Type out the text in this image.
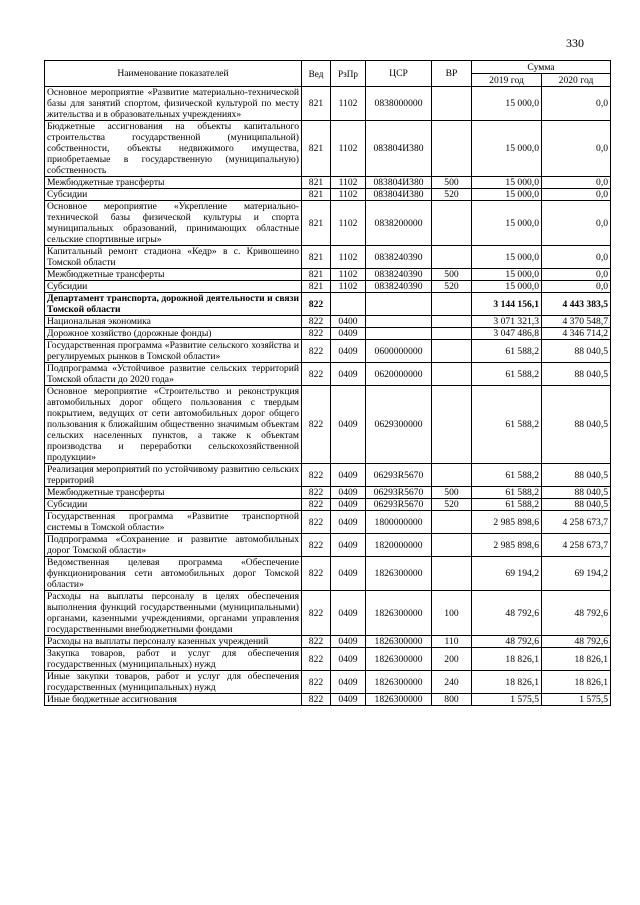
330
Наименование показателей	Вед	РзПр	ЦСР	ВР	Сумма	
					2019 год	2020 год
Основное мероприятие «Развитие материально-технической базы для занятий спортом, физической культурой по месту жительства и в образовательных учреждениях»	821	1102	0838000000		15 000,0	0,0
Бюджетные ассигнования на объекты капитального строительства государственной (муниципальной) собственности, объекты недвижимого имущества, приобретаемые в государственную (муниципальную) собственность	821	1102	083804И380		15 000,0	0,0
Межбюджетные трансферты	821	1102	083804И380	500	15 000,0	0,0
Субсидии	821	1102	083804И380	520	15 000,0	0,0
Основное мероприятие «Укрепление материально-технической базы физической культуры и спорта муниципальных образований, принимающих областные сельские спортивные игры»	821	1102	0838200000		15 000,0	0,0
Капитальный ремонт стадиона «Кедр» в с. Кривошеино Томской области	821	1102	0838240390		15 000,0	0,0
Межбюджетные трансферты	821	1102	0838240390	500	15 000,0	0,0
Субсидии	821	1102	0838240390	520	15 000,0	0,0
Департамент транспорта, дорожной деятельности и связи Томской области	822				3 144 156,1	4 443 383,5
Национальная экономика	822	0400			3 071 321,3	4 370 548,7
Дорожное хозяйство (дорожные фонды)	822	0409			3 047 486,8	4 346 714,2
Государственная программа «Развитие сельского хозяйства и регулируемых рынков в Томской области»	822	0409	0600000000		61 588,2	88 040,5
Подпрограмма «Устойчивое развитие сельских территорий Томской области до 2020 года»	822	0409	0620000000		61 588,2	88 040,5
Основное мероприятие «Строительство и реконструкция автомобильных дорог общего пользования с твердым покрытием, ведущих от сети автомобильных дорог общего пользования к ближайшим общественно значимым объектам сельских населенных пунктов, а также к объектам производства и переработки сельскохозяйственной продукции»	822	0409	0629300000		61 588,2	88 040,5
Реализация мероприятий по устойчивому развитию сельских территорий	822	0409	06293R5670		61 588,2	88 040,5
Межбюджетные трансферты	822	0409	06293R5670	500	61 588,2	88 040,5
Субсидии	822	0409	06293R5670	520	61 588,2	88 040,5
Государственная программа «Развитие транспортной системы в Томской области»	822	0409	1800000000		2 985 898,6	4 258 673,7
Подпрограмма «Сохранение и развитие автомобильных дорог Томской области»	822	0409	1820000000		2 985 898,6	4 258 673,7
Ведомственная целевая программа «Обеспечение функционирования сети автомобильных дорог Томской области»	822	0409	1826300000		69 194,2	69 194,2
Расходы на выплаты персоналу в целях обеспечения выполнения функций государственными (муниципальными) органами, казенными учреждениями, органами управления государственными внебюджетными фондами	822	0409	1826300000	100	48 792,6	48 792,6
Расходы на выплаты персоналу казенных учреждений	822	0409	1826300000	110	48 792,6	48 792,6
Закупка товаров, работ и услуг для обеспечения государственных (муниципальных) нужд	822	0409	1826300000	200	18 826,1	18 826,1
Иные закупки товаров, работ и услуг для обеспечения государственных (муниципальных) нужд	822	0409	1826300000	240	18 826,1	18 826,1
Иные бюджетные ассигнования	822	0409	1826300000	800	1 575,5	1 575,5
